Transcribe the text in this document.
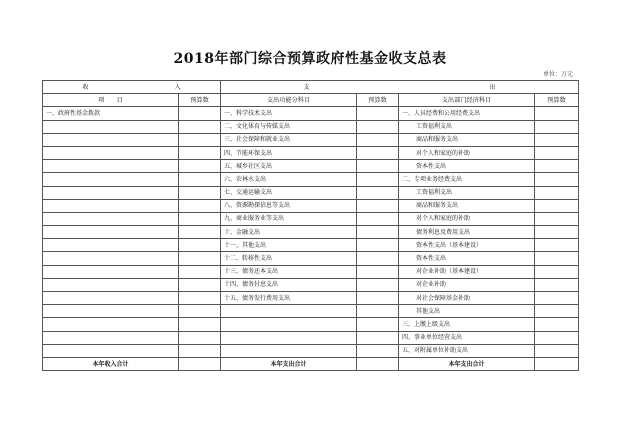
2018年部门综合预算政府性基金收支总表
单位：万元
收 入		支 出			
项　　目	预算数	支出功能分科目	预算数	支出部门经济科目	预算数
一、政府性基金拨款		一、科学技术支出		一、人员经费和公用经费支出	
		二、文化体育与传媒支出		工资福利支出	
		三、社会保障和就业支出		商品和服务支出	
		四、节能环保支出		对个人和家庭的补助	
		五、城乡社区支出		资本性支出	
		六、农林水支出		二、专项业务经费支出	
		七、交通运输支出		工资福利支出	
		八、资源勘探信息等支出		商品和服务支出	
		九、商业服务业等支出		对个人和家庭的补助	
		十、金融支出		债务利息及费用支出	
		十一、其他支出		资本性支出（基本建设）	
		十二、转移性支出		资本性支出	
		十三、债务还本支出		对企业补助（基本建设）	
		十四、债务付息支出		对企业补助	
		十五、债务发行费用支出		对社会保障基金补助	
				其他支出	
				三、上缴上级支出	
				四、事业单位经营支出	
				五、对附属单位补助支出	
本年收入合计		本年支出合计		本年支出合计	
